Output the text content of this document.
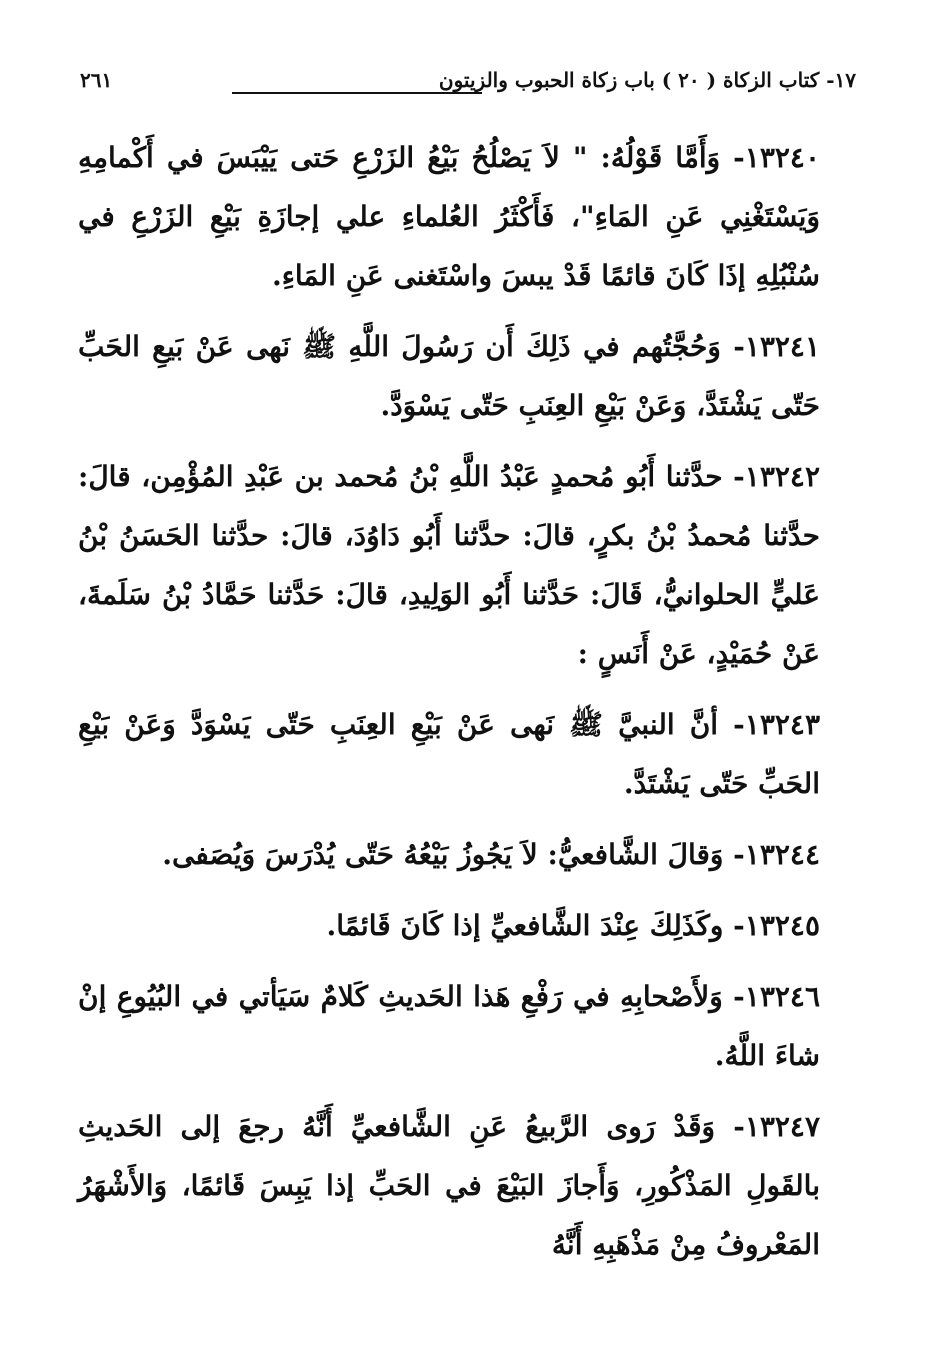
١٧- كتاب الزكاة ( ٢٠ ) باب زكاة الحبوب والزيتون
٢٦١

١٣٢٤٠- وَأَمَّا قَوْلُهُ: " لاَ يَصْلُحُ بَيْعُ الزَرْعِ حَتى يَيْبَسَ في أَكْمامِهِ وَيَسْتَغْنِي عَنِ المَاءِ"، فَأَكْثَرُ العُلماءِ علي إجازَةِ بَيْعِ الزَرْعِ في سُنْبُلِهِ إذَا كَانَ قائمًا قَدْ يبسَ واسْتَغنى عَنِ المَاءِ.

١٣٢٤١- وَحُجَّتُهم في ذَلِكَ أَن رَسُولَ اللَّهِ ﷺ نَهى عَنْ بَيعِ الحَبِّ حَتّى يَشْتَدَّ، وَعَنْ بَيْعِ العِنَبِ حَتّى يَسْوَدَّ.

١٣٢٤٢- حدَّثنا أَبُو مُحمدٍ عَبْدُ اللَّهِ بْنُ مُحمد بن عَبْدِ المُؤْمِن، قالَ: حدَّثنا مُحمدُ بْنُ بكرٍ، قالَ: حدَّثنا أَبُو دَاوُدَ، قالَ: حدَّثنا الحَسَنُ بْنُ عَليٍّ الحلوانيُّ، قَالَ: حَدَّثنا أَبُو الوَلِيدِ، قالَ: حَدَّثنا حَمَّادُ بْنُ سَلَمةَ، عَنْ حُمَيْدٍ، عَنْ أَنَسٍ :

١٣٢٤٣- أنَّ النبيَّ ﷺ نَهى عَنْ بَيْعِ العِنَبِ حَتّى يَسْوَدَّ وَعَنْ بَيْعِ الحَبِّ حَتّى يَشْتَدَّ.

١٣٢٤٤- وَقالَ الشَّافعيُّ: لاَ يَجُوزُ بَيْعُهُ حَتّى يُدْرَسَ وَيُصَفى.

١٣٢٤٥- وكَذَلِكَ عِنْدَ الشَّافعيِّ إذا كَانَ قَائمًا.

١٣٢٤٦- وَلأَصْحابِهِ في رَفْعِ هَذا الحَديثِ كَلامٌ سَيَأتي في البُيُوعِ إنْ شاءَ اللَّهُ.

١٣٢٤٧- وَقَدْ رَوى الرَّبيعُ عَنِ الشَّافعيِّ أَنَّهُ رجعَ إلى الحَديثِ بالقَولِ المَذْكُورِ، وَأَجازَ البَيْعَ في الحَبِّ إذا يَبِسَ قَائمًا، وَالأَشْهَرُ المَعْروفُ مِنْ مَذْهَبِهِ أَنَّهُ
